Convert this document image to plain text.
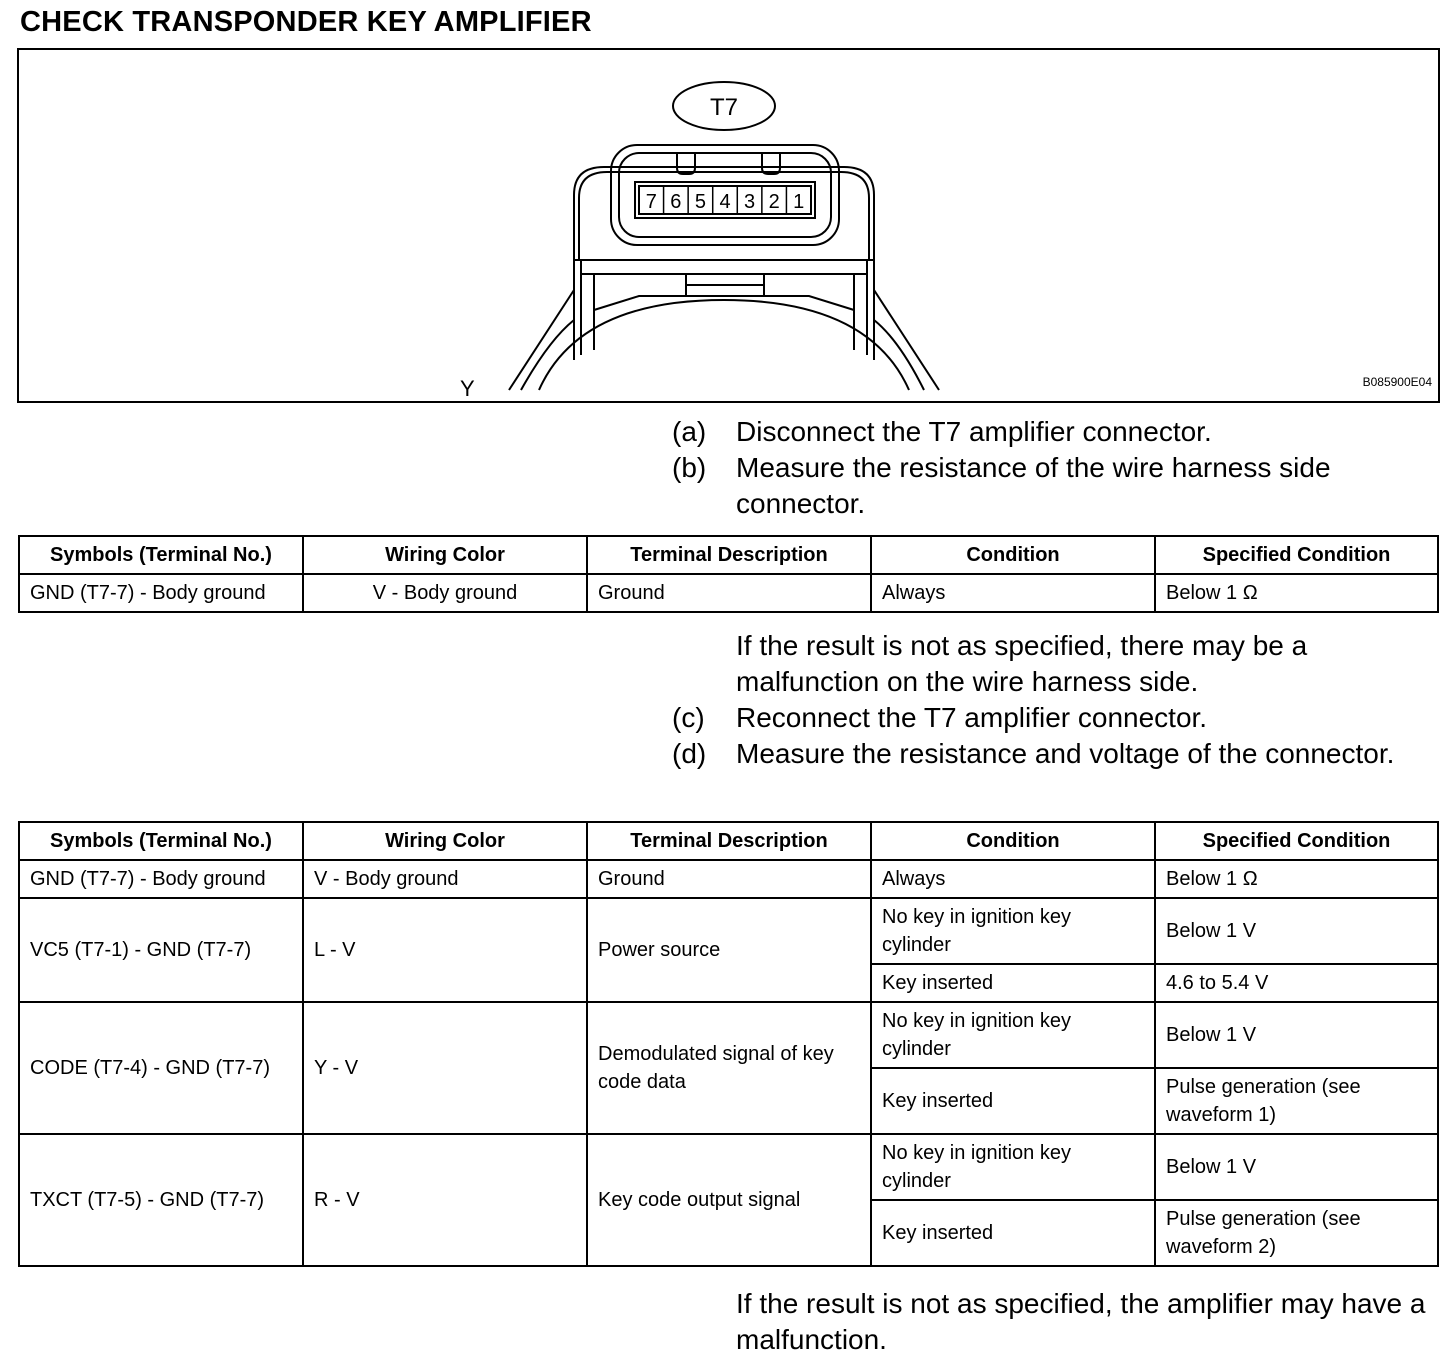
CHECK TRANSPONDER KEY AMPLIFIER
T7
7 6 5 4 3 2 1
Y	B085900E04
(a)	Disconnect the T7 amplifier connector.
(b)	Measure the resistance of the wire harness side connector.
Symbols (Terminal No.)	Wiring Color	Terminal Description	Condition	Specified Condition
GND (T7-7) - Body ground	V - Body ground	Ground	Always	Below 1 Ω
If the result is not as specified, there may be a malfunction on the wire harness side.
(c)	Reconnect the T7 amplifier connector.
(d)	Measure the resistance and voltage of the connector.
Symbols (Terminal No.)	Wiring Color	Terminal Description	Condition	Specified Condition
GND (T7-7) - Body ground	V - Body ground	Ground	Always	Below 1 Ω
VC5 (T7-1) - GND (T7-7)	L - V	Power source	No key in ignition key cylinder	Below 1 V
			Key inserted	4.6 to 5.4 V
CODE (T7-4) - GND (T7-7)	Y - V	Demodulated signal of key code data	No key in ignition key cylinder	Below 1 V
			Key inserted	Pulse generation (see waveform 1)
TXCT (T7-5) - GND (T7-7)	R - V	Key code output signal	No key in ignition key cylinder	Below 1 V
			Key inserted	Pulse generation (see waveform 2)
If the result is not as specified, the amplifier may have a malfunction.
